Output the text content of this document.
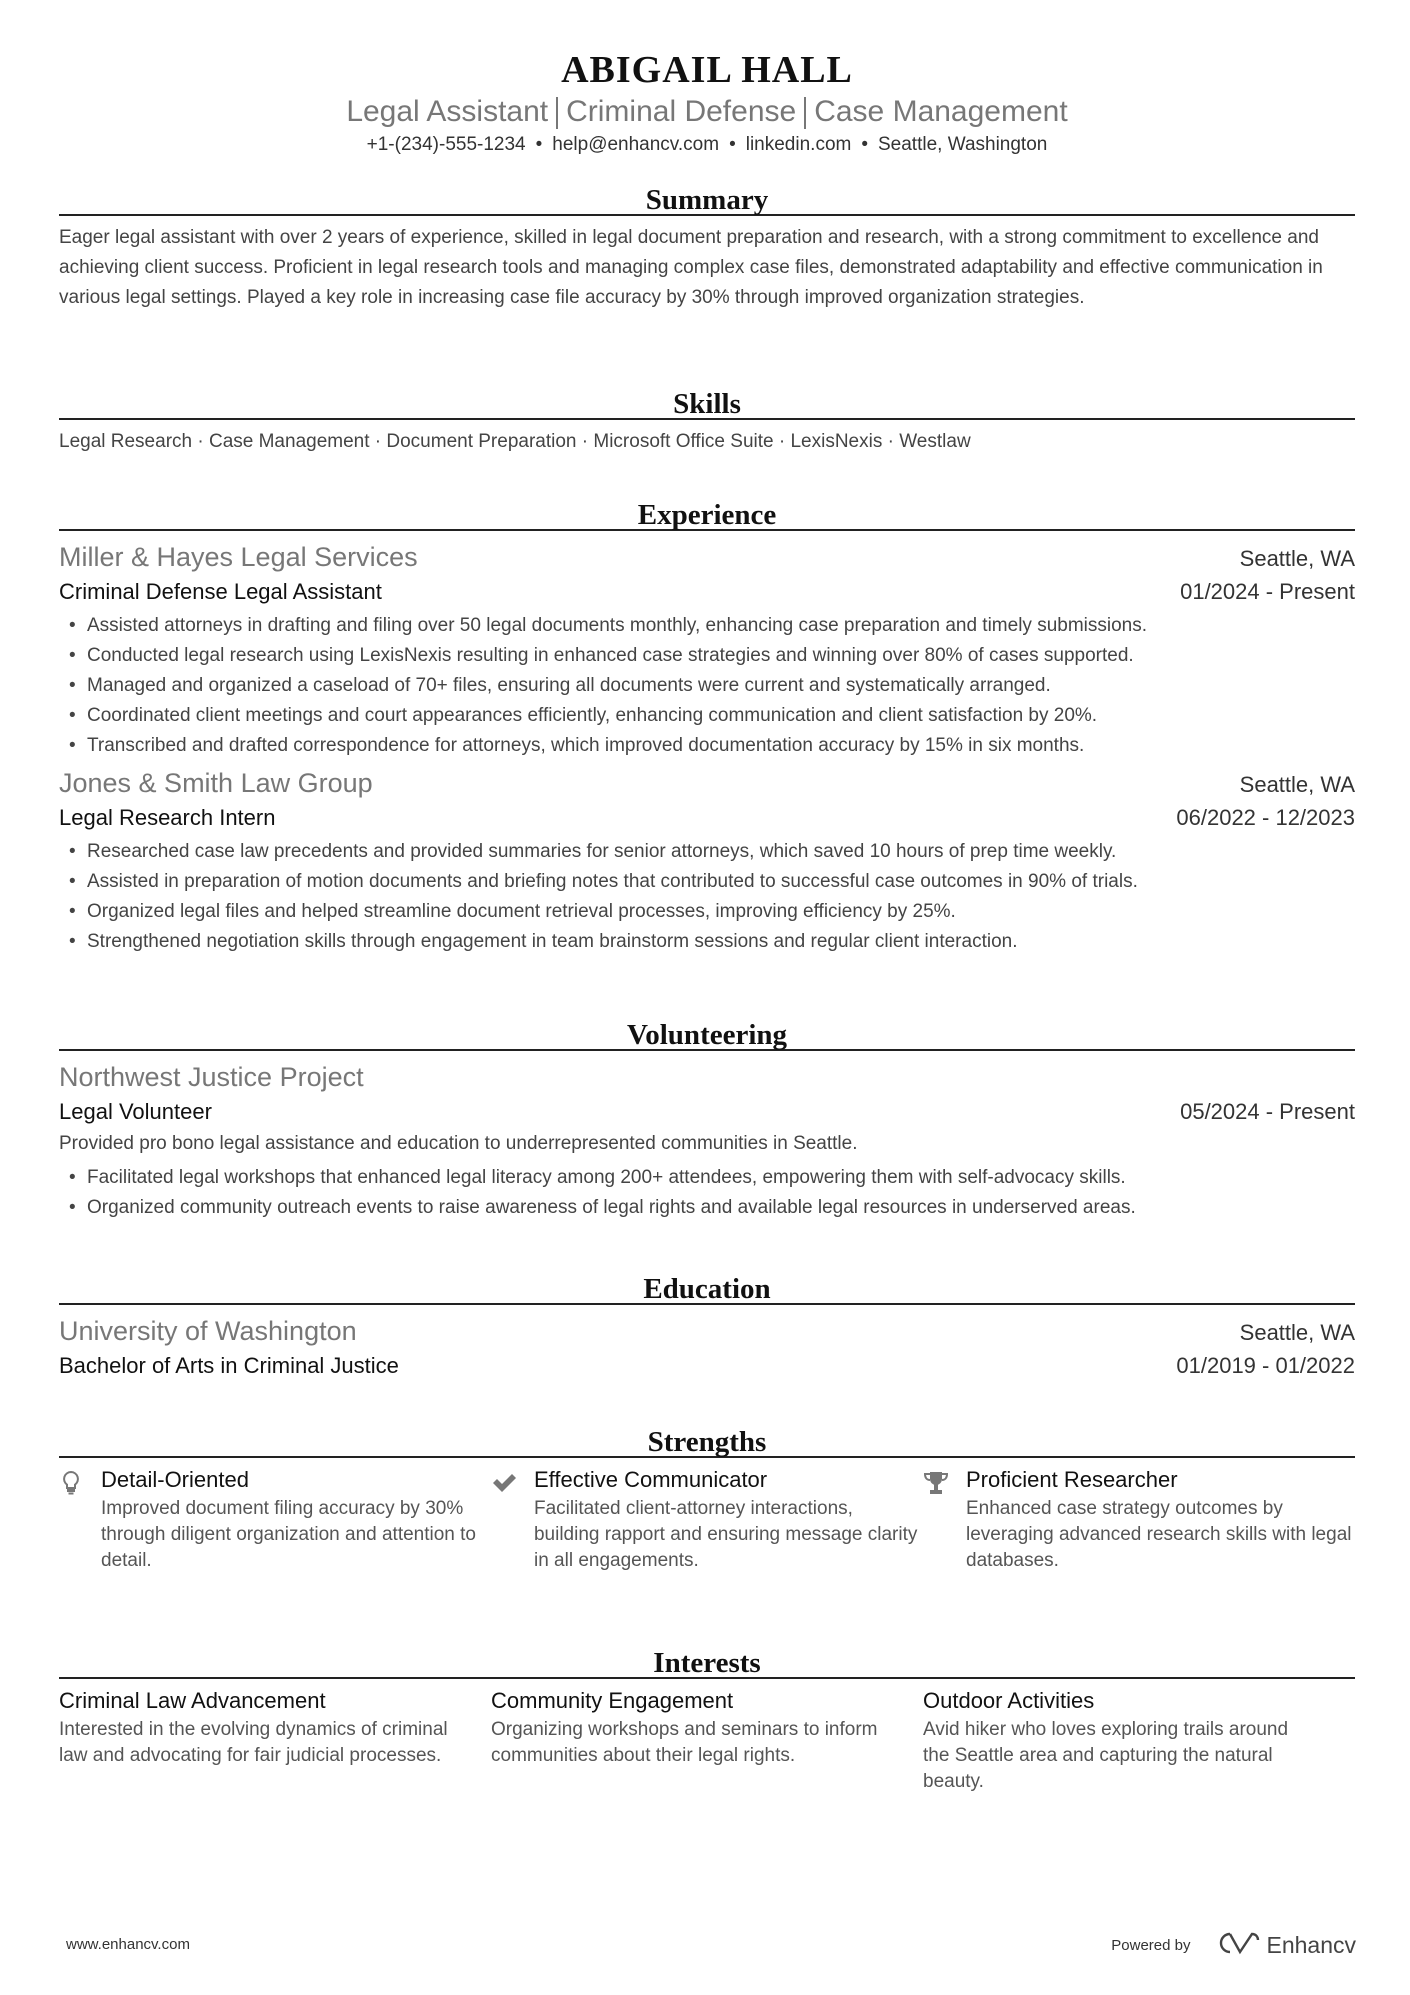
ABIGAIL HALL
Legal Assistant Criminal Defense Case Management
+1-(234)-555-1234 • help@enhancv.com • linkedin.com • Seattle, Washington
Summary
Eager legal assistant with over 2 years of experience, skilled in legal document preparation and research, with a strong commitment to excellence and achieving client success. Proficient in legal research tools and managing complex case files, demonstrated adaptability and effective communication in various legal settings. Played a key role in increasing case file accuracy by 30% through improved organization strategies.
Skills
Legal Research · Case Management · Document Preparation · Microsoft Office Suite · LexisNexis · Westlaw
Experience
Miller & Hayes Legal Services	Seattle, WA
Criminal Defense Legal Assistant	01/2024 - Present
• Assisted attorneys in drafting and filing over 50 legal documents monthly, enhancing case preparation and timely submissions.
• Conducted legal research using LexisNexis resulting in enhanced case strategies and winning over 80% of cases supported.
• Managed and organized a caseload of 70+ files, ensuring all documents were current and systematically arranged.
• Coordinated client meetings and court appearances efficiently, enhancing communication and client satisfaction by 20%.
• Transcribed and drafted correspondence for attorneys, which improved documentation accuracy by 15% in six months.
Jones & Smith Law Group	Seattle, WA
Legal Research Intern	06/2022 - 12/2023
• Researched case law precedents and provided summaries for senior attorneys, which saved 10 hours of prep time weekly.
• Assisted in preparation of motion documents and briefing notes that contributed to successful case outcomes in 90% of trials.
• Organized legal files and helped streamline document retrieval processes, improving efficiency by 25%.
• Strengthened negotiation skills through engagement in team brainstorm sessions and regular client interaction.
Volunteering
Northwest Justice Project
Legal Volunteer	05/2024 - Present
Provided pro bono legal assistance and education to underrepresented communities in Seattle.
• Facilitated legal workshops that enhanced legal literacy among 200+ attendees, empowering them with self-advocacy skills.
• Organized community outreach events to raise awareness of legal rights and available legal resources in underserved areas.
Education
University of Washington	Seattle, WA
Bachelor of Arts in Criminal Justice	01/2019 - 01/2022
Strengths
Detail-Oriented
Improved document filing accuracy by 30% through diligent organization and attention to detail.
Effective Communicator
Facilitated client-attorney interactions, building rapport and ensuring message clarity in all engagements.
Proficient Researcher
Enhanced case strategy outcomes by leveraging advanced research skills with legal databases.
Interests
Criminal Law Advancement
Interested in the evolving dynamics of criminal law and advocating for fair judicial processes.
Community Engagement
Organizing workshops and seminars to inform communities about their legal rights.
Outdoor Activities
Avid hiker who loves exploring trails around the Seattle area and capturing the natural beauty.
www.enhancv.com	Powered by	Enhancv
